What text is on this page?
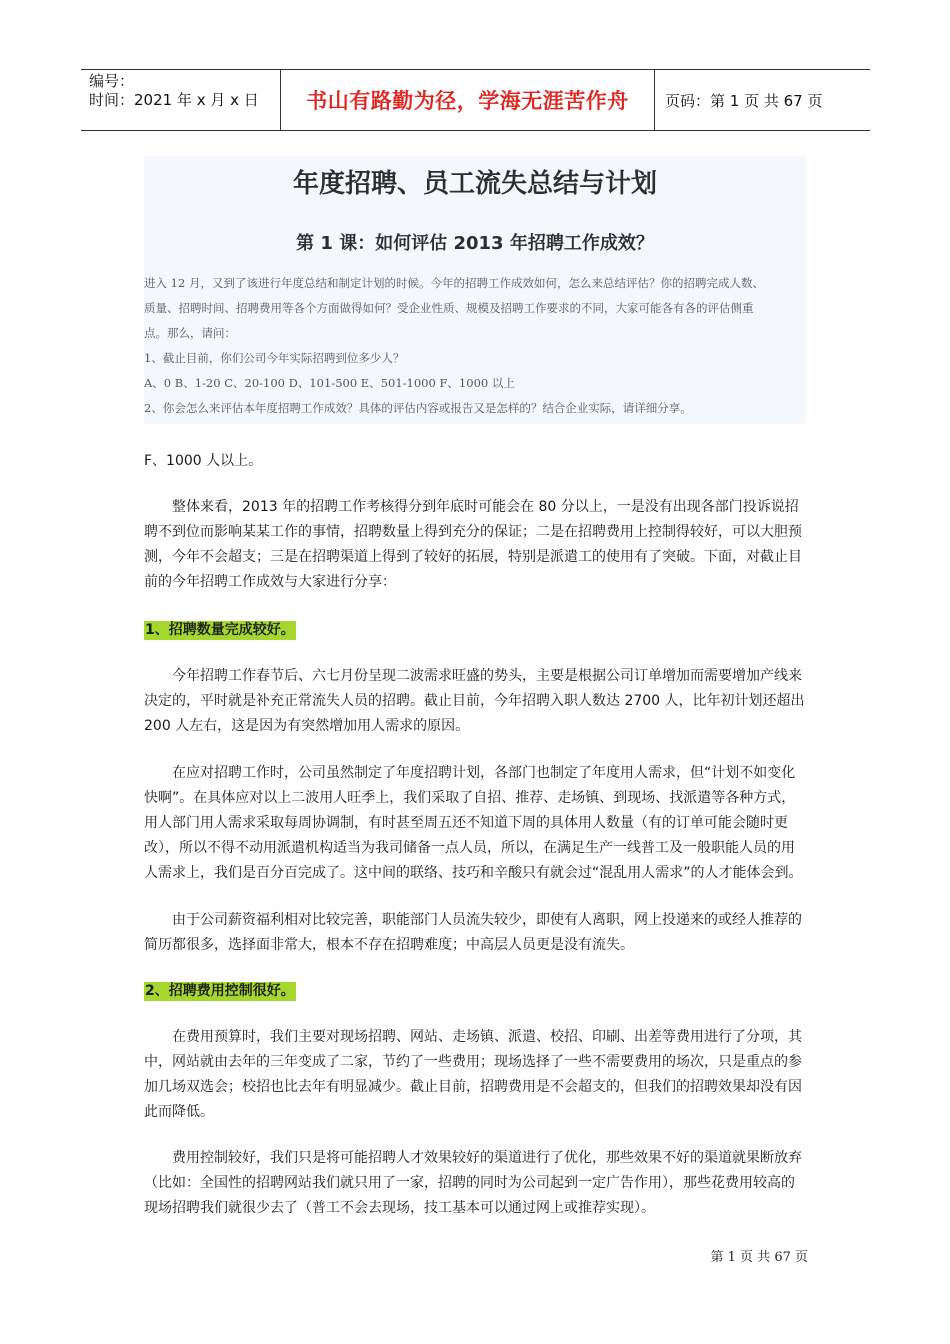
编号：
时间：2021 年 x 月 x 日	书山有路勤为径，学海无涯苦作舟	页码：第 1 页 共 67 页
年度招聘、员工流失总结与计划
第 1 课：如何评估 2013 年招聘工作成效？

进入 12 月，又到了该进行年度总结和制定计划的时候。今年的招聘工作成效如何，怎么来总结评估？你的招聘完成人数、

质量、招聘时间、招聘费用等各个方面做得如何？受企业性质、规模及招聘工作要求的不同，大家可能各有各的评估侧重

点。那么，请问：

1、截止目前，你们公司今年实际招聘到位多少人？

A、0 B、1-20 C、20-100 D、101-500 E、501-1000 F、1000 以上

2、你会怎么来评估本年度招聘工作成效？具体的评估内容或报告又是怎样的？结合企业实际，请详细分享。

F、1000 人以上。

整体来看，2013 年的招聘工作考核得分到年底时可能会在 80 分以上，一是没有出现各部门投诉说招聘不到位而影响某某工作的事情，招聘数量上得到充分的保证；二是在招聘费用上控制得较好，可以大胆预测，今年不会超支；三是在招聘渠道上得到了较好的拓展，特别是派遣工的使用有了突破。下面，对截止目前的今年招聘工作成效与大家进行分享：

1、招聘数量完成较好。

今年招聘工作春节后、六七月份呈现二波需求旺盛的势头，主要是根据公司订单增加而需要增加产线来决定的，平时就是补充正常流失人员的招聘。截止目前，今年招聘入职人数达 2700 人，比年初计划还超出 200 人左右，这是因为有突然增加用人需求的原因。

在应对招聘工作时，公司虽然制定了年度招聘计划，各部门也制定了年度用人需求，但“计划不如变化快啊”。在具体应对以上二波用人旺季上，我们采取了自招、推荐、走场镇、到现场、找派遣等各种方式，用人部门用人需求采取每周协调制，有时甚至周五还不知道下周的具体用人数量（有的订单可能会随时更改），所以不得不动用派遣机构适当为我司储备一点人员，所以，在满足生产一线普工及一般职能人员的用人需求上，我们是百分百完成了。这中间的联络、技巧和辛酸只有就会过“混乱用人需求”的人才能体会到。

由于公司薪资福利相对比较完善，职能部门人员流失较少，即使有人离职，网上投递来的或经人推荐的简历都很多，选择面非常大，根本不存在招聘难度；中高层人员更是没有流失。

2、招聘费用控制很好。

在费用预算时，我们主要对现场招聘、网站、走场镇、派遣、校招、印刷、出差等费用进行了分项，其中，网站就由去年的三年变成了二家，节约了一些费用；现场选择了一些不需要费用的场次，只是重点的参加几场双选会；校招也比去年有明显减少。截止目前，招聘费用是不会超支的，但我们的招聘效果却没有因此而降低。

费用控制较好，我们只是将可能招聘人才效果较好的渠道进行了优化，那些效果不好的渠道就果断放弃（比如：全国性的招聘网站我们就只用了一家，招聘的同时为公司起到一定广告作用），那些花费用较高的现场招聘我们就很少去了（普工不会去现场，技工基本可以通过网上或推荐实现）。

第 1 页 共 67 页
